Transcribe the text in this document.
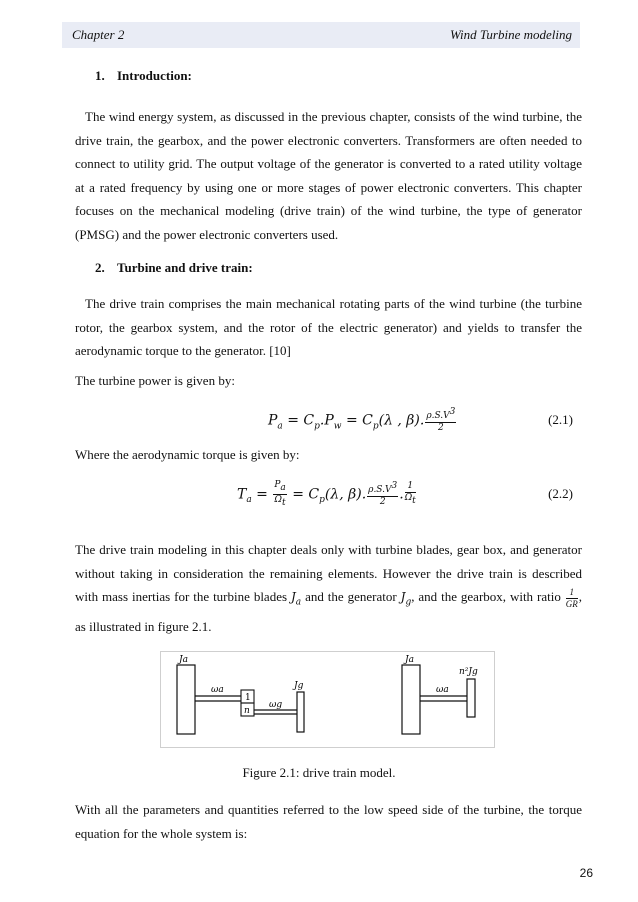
Chapter 2	Wind Turbine modeling
1. Introduction:
The wind energy system, as discussed in the previous chapter, consists of the wind turbine, the drive train, the gearbox, and the power electronic converters. Transformers are often needed to connect to utility grid. The output voltage of the generator is converted to a rated utility voltage at a rated frequency by using one or more stages of power electronic converters. This chapter focuses on the mechanical modeling (drive train) of the wind turbine, the type of generator (PMSG) and the power electronic converters used.
2. Turbine and drive train:
The drive train comprises the main mechanical rotating parts of the wind turbine (the turbine rotor, the gearbox system, and the rotor of the electric generator) and yields to transfer the aerodynamic torque to the generator. [10]
The turbine power is given by:
$P_a = C_p.P_w = C_p(\lambda$ , β). $\frac{\rho.S.V^3}{2}$	(2.1)
Where the aerodynamic torque is given by:
$T_a = \frac{P_a}{\Omega_t} = C_p(\lambda$, β). $\frac{\rho.S.V^3}{2}$ . $\frac{1}{\Omega_t}$	(2.2)
The drive train modeling in this chapter deals only with turbine blades, gear box, and generator without taking in consideration the remaining elements. However the drive train is described with mass inertias for the turbine blades $J_a$ and the generator $J_g$, and the gearbox, with ratio $\frac{1}{GR}$ , as illustrated in figure 2.1.
Ja
ωa	Jg
ωg
1
n
Ja
ωa
n²Jg
Figure 2.1: drive train model.
With all the parameters and quantities referred to the low speed side of the turbine, the torque equation for the whole system is:
26
